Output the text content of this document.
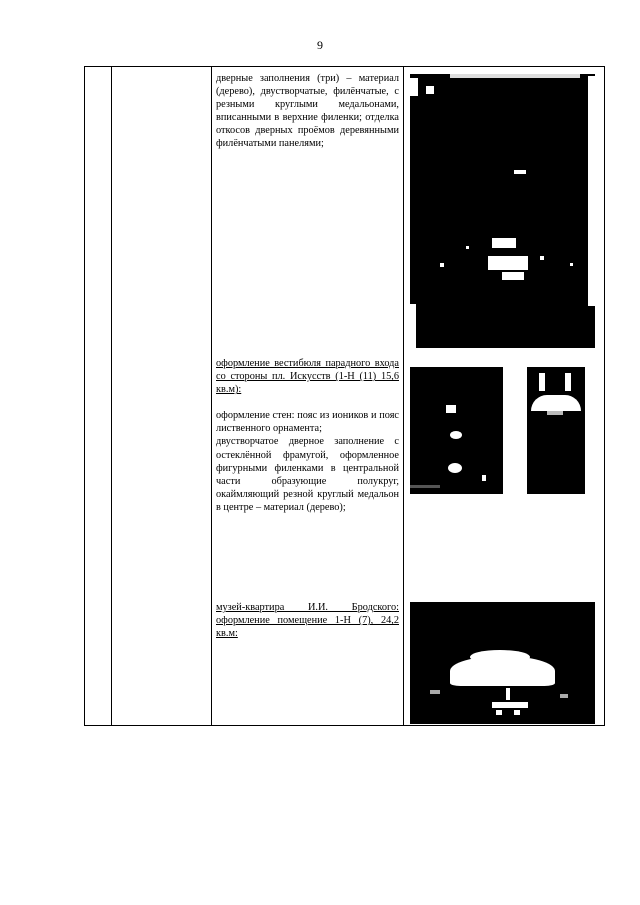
9

дверные заполнения (три) – материал (дерево), двустворчатые, филёнчатые, с резными круглыми медальонами, вписанными в верхние филенки; отделка откосов дверных проёмов деревянными филёнчатыми панелями;

оформление вестибюля парадного входа со стороны пл. Искусств (1-Н (11) 15,6 кв.м):

оформление стен: пояс из иоников и пояс лиственного орнамента;

двустворчатое дверное заполнение с остеклённой фрамугой, оформленное фигурными филенками в центральной части образующие полукруг, окаймляющий резной круглый медальон в центре – материал (дерево);

музей-квартира И.И. Бродского: оформление помещение 1-Н (7), 24,2 кв.м:
